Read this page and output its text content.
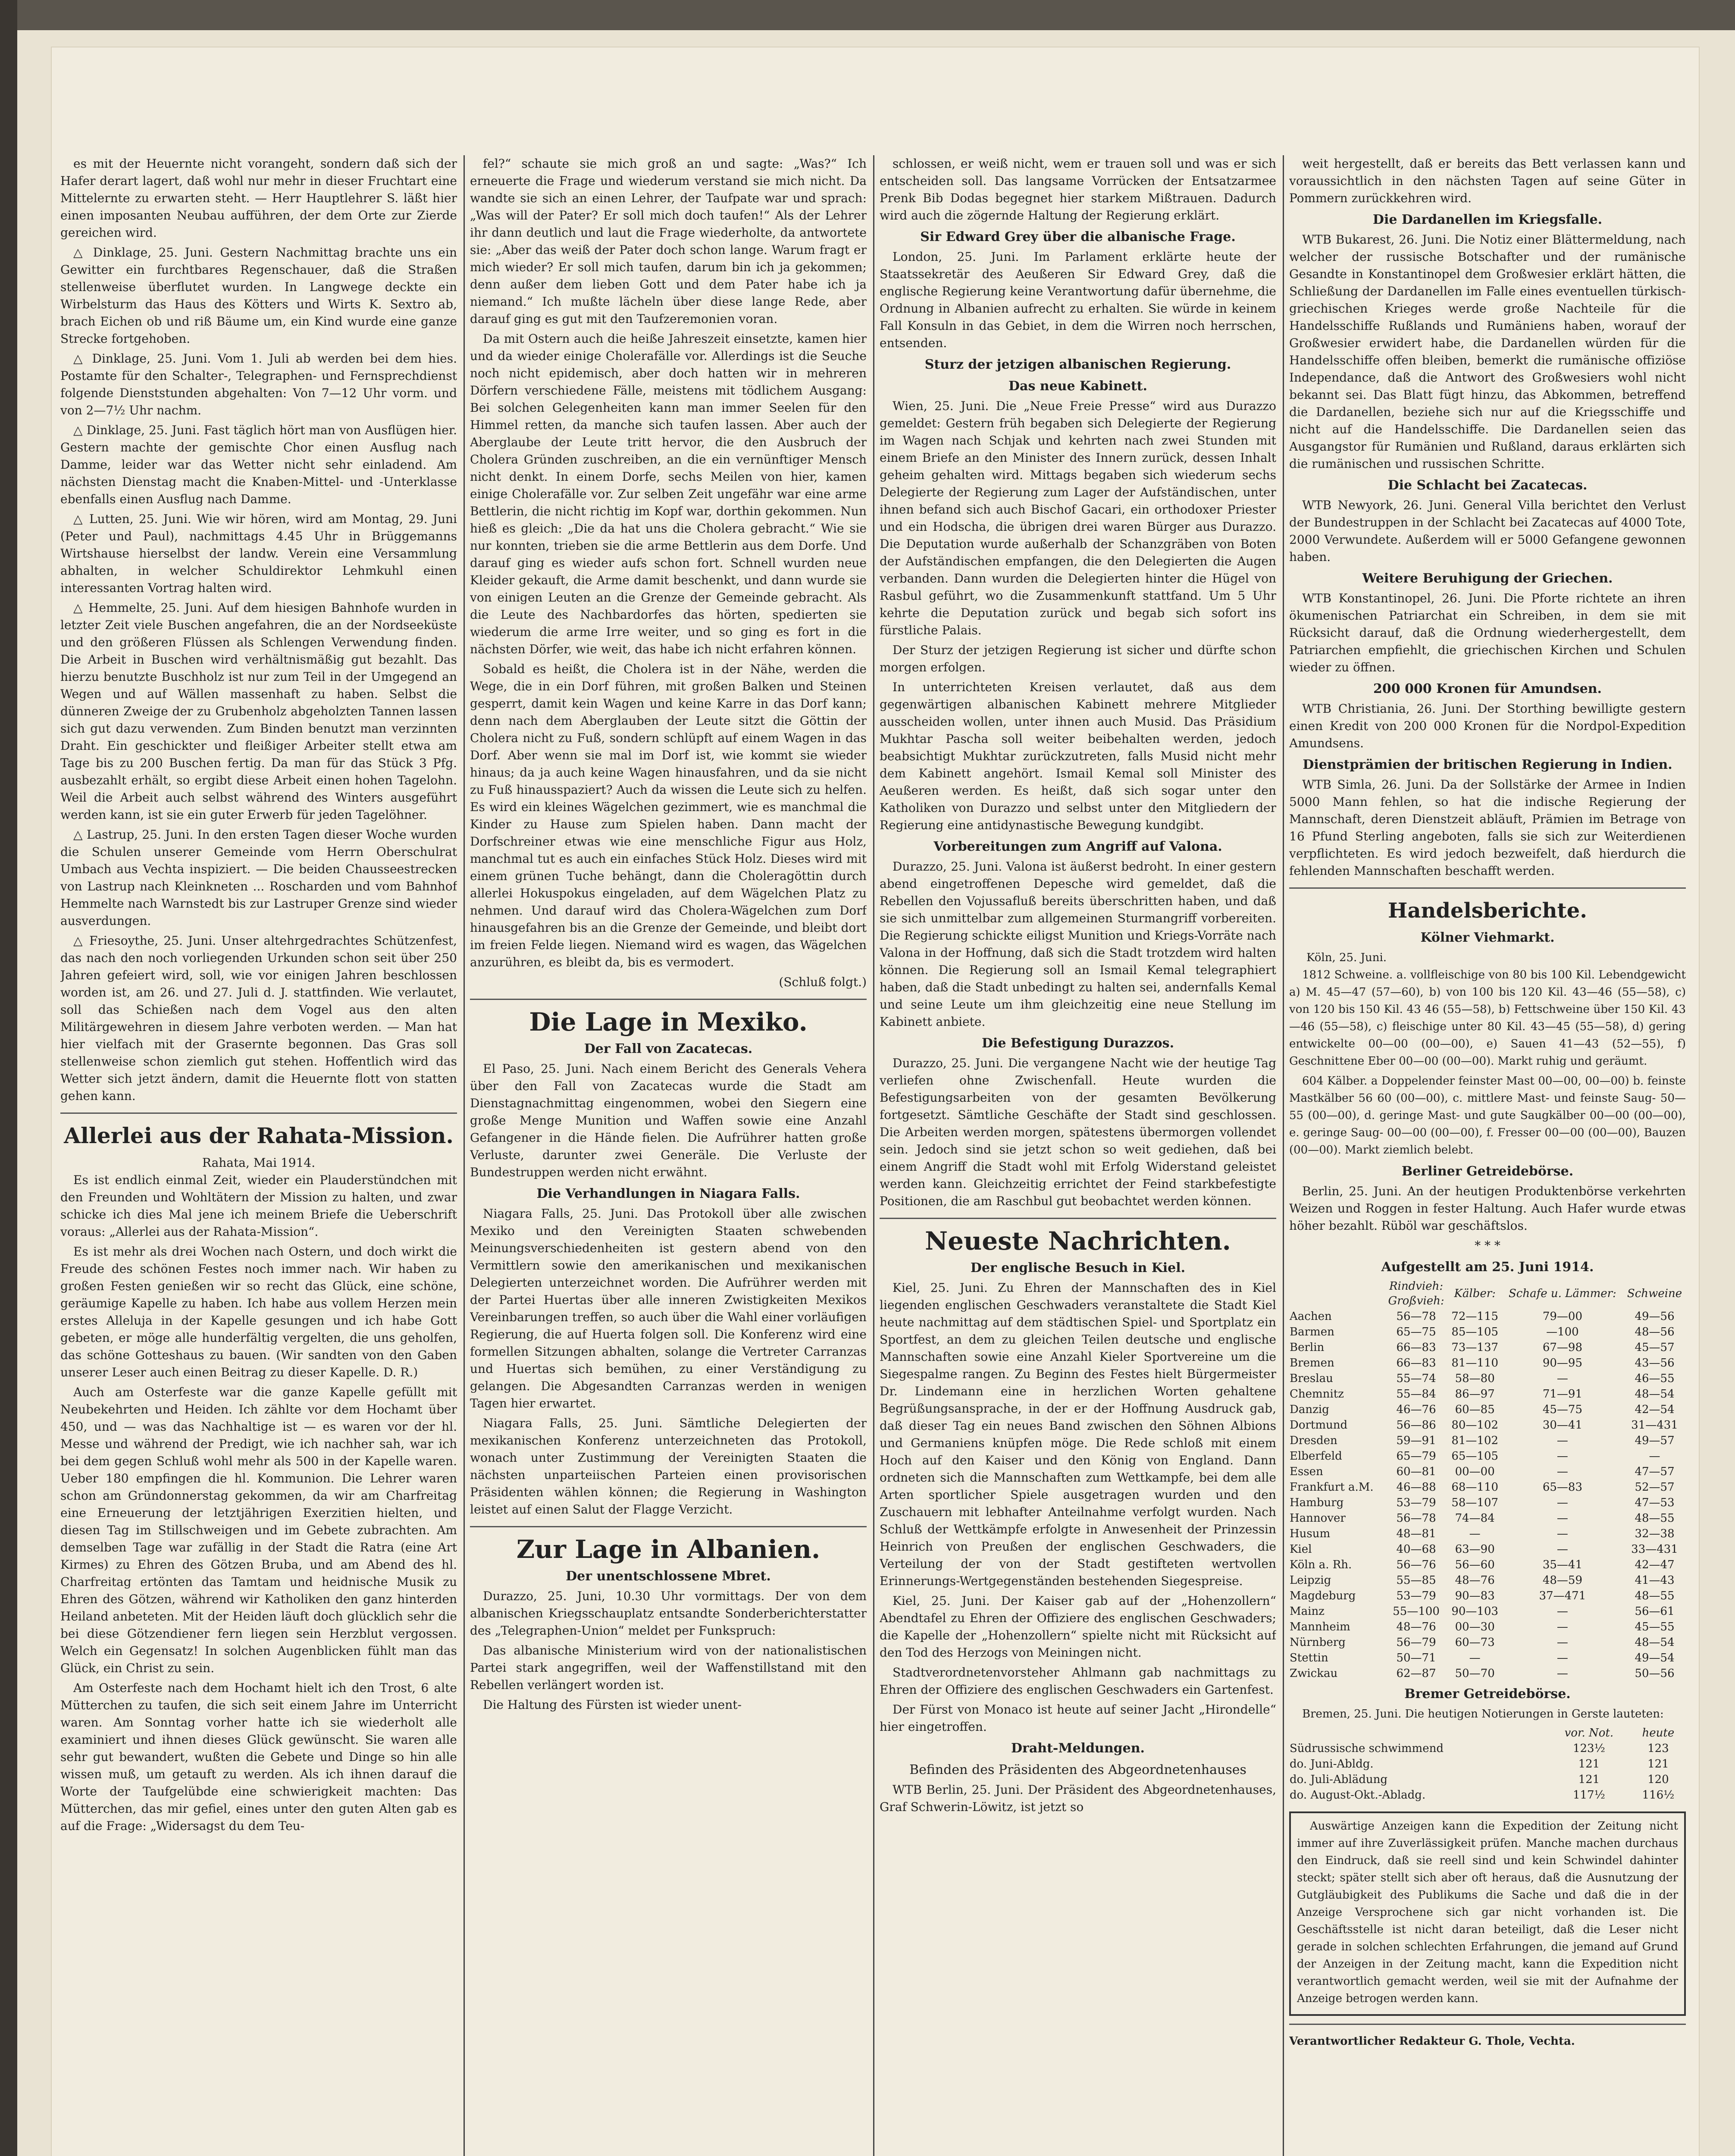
es mit der Heuernte nicht vorangeht, sondern daß sich der Hafer derart lagert, daß wohl nur mehr in dieser Fruchtart eine Mittelernte zu erwarten steht. — Herr Hauptlehrer S. läßt hier einen imposanten Neubau aufführen, der dem Orte zur Zierde gereichen wird.

△ Dinklage, 25. Juni. Gestern Nachmittag brachte uns ein Gewitter ein furchtbares Regenschauer, daß die Straßen stellenweise überflutet wurden. In Langwege deckte ein Wirbelsturm das Haus des Kötters und Wirts K. Sextro ab, brach Eichen ob und riß Bäume um, ein Kind wurde eine ganze Strecke fortgehoben.

△ Dinklage, 25. Juni. Vom 1. Juli ab werden bei dem hies. Postamte für den Schalter-, Telegraphen- und Fernsprechdienst folgende Dienststunden abgehalten: Von 7—12 Uhr vorm. und von 2—7½ Uhr nachm.

△ Dinklage, 25. Juni. Fast täglich hört man von Ausflügen hier. Gestern machte der gemischte Chor einen Ausflug nach Damme, leider war das Wetter nicht sehr einladend. Am nächsten Dienstag macht die Knaben-Mittel- und -Unterklasse ebenfalls einen Ausflug nach Damme.

△ Lutten, 25. Juni. Wie wir hören, wird am Montag, 29. Juni (Peter und Paul), nachmittags 4.45 Uhr in Brüggemanns Wirtshause hierselbst der landw. Verein eine Versammlung abhalten, in welcher Schuldirektor Lehmkuhl einen interessanten Vortrag halten wird.

△ Hemmelte, 25. Juni. Auf dem hiesigen Bahnhofe wurden in letzter Zeit viele Buschen angefahren, die an der Nordseeküste und den größeren Flüssen als Schlengen Verwendung finden. Die Arbeit in Buschen wird verhältnismäßig gut bezahlt. Das hierzu benutzte Buschholz ist nur zum Teil in der Umgegend an Wegen und auf Wällen massenhaft zu haben. Selbst die dünneren Zweige der zu Grubenholz abgeholzten Tannen lassen sich gut dazu verwenden. Zum Binden benutzt man verzinnten Draht. Ein geschickter und fleißiger Arbeiter stellt etwa am Tage bis zu 200 Buschen fertig. Da man für das Stück 3 Pfg. ausbezahlt erhält, so ergibt diese Arbeit einen hohen Tagelohn. Weil die Arbeit auch selbst während des Winters ausgeführt werden kann, ist sie ein guter Erwerb für jeden Tagelöhner.

△ Lastrup, 25. Juni. In den ersten Tagen dieser Woche wurden die Schulen unserer Gemeinde vom Herrn Oberschulrat Umbach aus Vechta inspiziert. — Die beiden Chausseestrecken von Lastrup nach Kleinkneten ... Roscharden und vom Bahnhof Hemmelte nach Warnstedt bis zur Lastruper Grenze sind wieder ausverdungen.

△ Friesoythe, 25. Juni. Unser altehrgedrachtes Schützenfest, das nach den noch vorliegenden Urkunden schon seit über 250 Jahren gefeiert wird, soll, wie vor einigen Jahren beschlossen worden ist, am 26. und 27. Juli d. J. stattfinden. Wie verlautet, soll das Schießen nach dem Vogel aus den alten Militärgewehren in diesem Jahre verboten werden. — Man hat hier vielfach mit der Grasernte begonnen. Das Gras soll stellenweise schon ziemlich gut stehen. Hoffentlich wird das Wetter sich jetzt ändern, damit die Heuernte flott von statten gehen kann.

Allerlei aus der Rahata-Mission.
Rahata, Mai 1914.

Es ist endlich einmal Zeit, wieder ein Plauderstündchen mit den Freunden und Wohltätern der Mission zu halten, und zwar schicke ich dies Mal jene ich meinem Briefe die Ueberschrift voraus: „Allerlei aus der Rahata-Mission“.

Es ist mehr als drei Wochen nach Ostern, und doch wirkt die Freude des schönen Festes noch immer nach. Wir haben zu großen Festen genießen wir so recht das Glück, eine schöne, geräumige Kapelle zu haben. Ich habe aus vollem Herzen mein erstes Alleluja in der Kapelle gesungen und ich habe Gott gebeten, er möge alle hunderfältig vergelten, die uns geholfen, das schöne Gotteshaus zu bauen. (Wir sandten von den Gaben unserer Leser auch einen Beitrag zu dieser Kapelle. D. R.)

Auch am Osterfeste war die ganze Kapelle gefüllt mit Neubekehrten und Heiden. Ich zählte vor dem Hochamt über 450, und — was das Nachhaltige ist — es waren vor der hl. Messe und während der Predigt, wie ich nachher sah, war ich bei dem gegen Schluß wohl mehr als 500 in der Kapelle waren. Ueber 180 empfingen die hl. Kommunion. Die Lehrer waren schon am Gründonnerstag gekommen, da wir am Charfreitag eine Erneuerung der letztjährigen Exerzitien hielten, und diesen Tag im Stillschweigen und im Gebete zubrachten. Am demselben Tage war zufällig in der Stadt die Ratra (eine Art Kirmes) zu Ehren des Götzen Bruba, und am Abend des hl. Charfreitag ertönten das Tamtam und heidnische Musik zu Ehren des Götzen, während wir Katholiken den ganz hinterden Heiland anbeteten. Mit der Heiden läuft doch glücklich sehr die bei diese Götzendiener fern liegen sein Herzblut vergossen. Welch ein Gegensatz! In solchen Augenblicken fühlt man das Glück, ein Christ zu sein.

Am Osterfeste nach dem Hochamt hielt ich den Trost, 6 alte Mütterchen zu taufen, die sich seit einem Jahre im Unterricht waren. Am Sonntag vorher hatte ich sie wiederholt alle examiniert und ihnen dieses Glück gewünscht. Sie waren alle sehr gut bewandert, wußten die Gebete und Dinge so hin alle wissen muß, um getauft zu werden. Als ich ihnen darauf die Worte der Taufgelübde eine schwierigkeit machten: Das Mütterchen, das mir gefiel, eines unter den guten Alten gab es auf die Frage: „Widersagst du dem Teu-

fel?“ schaute sie mich groß an und sagte: „Was?“ Ich erneuerte die Frage und wiederum verstand sie mich nicht. Da wandte sie sich an einen Lehrer, der Taufpate war und sprach: „Was will der Pater? Er soll mich doch taufen!“ Als der Lehrer ihr dann deutlich und laut die Frage wiederholte, da antwortete sie: „Aber das weiß der Pater doch schon lange. Warum fragt er mich wieder? Er soll mich taufen, darum bin ich ja gekommen; denn außer dem lieben Gott und dem Pater habe ich ja niemand.“ Ich mußte lächeln über diese lange Rede, aber darauf ging es gut mit den Taufzeremonien voran.

Da mit Ostern auch die heiße Jahreszeit einsetzte, kamen hier und da wieder einige Cholerafälle vor. Allerdings ist die Seuche noch nicht epidemisch, aber doch hatten wir in mehreren Dörfern verschiedene Fälle, meistens mit tödlichem Ausgang: Bei solchen Gelegenheiten kann man immer Seelen für den Himmel retten, da manche sich taufen lassen. Aber auch der Aberglaube der Leute tritt hervor, die den Ausbruch der Cholera Gründen zuschreiben, an die ein vernünftiger Mensch nicht denkt. In einem Dorfe, sechs Meilen von hier, kamen einige Cholerafälle vor. Zur selben Zeit ungefähr war eine arme Bettlerin, die nicht richtig im Kopf war, dorthin gekommen. Nun hieß es gleich: „Die da hat uns die Cholera gebracht.“ Wie sie nur konnten, trieben sie die arme Bettlerin aus dem Dorfe. Und darauf ging es wieder aufs schon fort. Schnell wurden neue Kleider gekauft, die Arme damit beschenkt, und dann wurde sie von einigen Leuten an die Grenze der Gemeinde gebracht. Als die Leute des Nachbardorfes das hörten, spedierten sie wiederum die arme Irre weiter, und so ging es fort in die nächsten Dörfer, wie weit, das habe ich nicht erfahren können.

Sobald es heißt, die Cholera ist in der Nähe, werden die Wege, die in ein Dorf führen, mit großen Balken und Steinen gesperrt, damit kein Wagen und keine Karre in das Dorf kann; denn nach dem Aberglauben der Leute sitzt die Göttin der Cholera nicht zu Fuß, sondern schlüpft auf einem Wagen in das Dorf. Aber wenn sie mal im Dorf ist, wie kommt sie wieder hinaus; da ja auch keine Wagen hinausfahren, und da sie nicht zu Fuß hinausspaziert? Auch da wissen die Leute sich zu helfen. Es wird ein kleines Wägelchen gezimmert, wie es manchmal die Kinder zu Hause zum Spielen haben. Dann macht der Dorfschreiner etwas wie eine menschliche Figur aus Holz, manchmal tut es auch ein einfaches Stück Holz. Dieses wird mit einem grünen Tuche behängt, dann die Choleragöttin durch allerlei Hokuspokus eingeladen, auf dem Wägelchen Platz zu nehmen. Und darauf wird das Cholera-Wägelchen zum Dorf hinausgefahren bis an die Grenze der Gemeinde, und bleibt dort im freien Felde liegen. Niemand wird es wagen, das Wägelchen anzurühren, es bleibt da, bis es vermodert.

(Schluß folgt.)
Die Lage in Mexiko.
Der Fall von Zacatecas.

El Paso, 25. Juni. Nach einem Bericht des Generals Vehera über den Fall von Zacatecas wurde die Stadt am Dienstagnachmittag eingenommen, wobei den Siegern eine große Menge Munition und Waffen sowie eine Anzahl Gefangener in die Hände fielen. Die Aufrührer hatten große Verluste, darunter zwei Generäle. Die Verluste der Bundestruppen werden nicht erwähnt.

Die Verhandlungen in Niagara Falls.

Niagara Falls, 25. Juni. Das Protokoll über alle zwischen Mexiko und den Vereinigten Staaten schwebenden Meinungsverschiedenheiten ist gestern abend von den Vermittlern sowie den amerikanischen und mexikanischen Delegierten unterzeichnet worden. Die Aufrührer werden mit der Partei Huertas über alle inneren Zwistigkeiten Mexikos Vereinbarungen treffen, so auch über die Wahl einer vorläufigen Regierung, die auf Huerta folgen soll. Die Konferenz wird eine formellen Sitzungen abhalten, solange die Vertreter Carranzas und Huertas sich bemühen, zu einer Verständigung zu gelangen. Die Abgesandten Carranzas werden in wenigen Tagen hier erwartet.

Niagara Falls, 25. Juni. Sämtliche Delegierten der mexikanischen Konferenz unterzeichneten das Protokoll, wonach unter Zustimmung der Vereinigten Staaten die nächsten unparteiischen Parteien einen provisorischen Präsidenten wählen können; die Regierung in Washington leistet auf einen Salut der Flagge Verzicht.

Zur Lage in Albanien.
Der unentschlossene Mbret.

Durazzo, 25. Juni, 10.30 Uhr vormittags. Der von dem albanischen Kriegsschauplatz entsandte Sonderberichterstatter des „Telegraphen-Union“ meldet per Funkspruch:

Das albanische Ministerium wird von der nationalistischen Partei stark angegriffen, weil der Waffenstillstand mit den Rebellen verlängert worden ist.

Die Haltung des Fürsten ist wieder unent-

schlossen, er weiß nicht, wem er trauen soll und was er sich entscheiden soll. Das langsame Vorrücken der Entsatzarmee Prenk Bib Dodas begegnet hier starkem Mißtrauen. Dadurch wird auch die zögernde Haltung der Regierung erklärt.

Sir Edward Grey über die albanische Frage.

London, 25. Juni. Im Parlament erklärte heute der Staatssekretär des Aeußeren Sir Edward Grey, daß die englische Regierung keine Verantwortung dafür übernehme, die Ordnung in Albanien aufrecht zu erhalten. Sie würde in keinem Fall Konsuln in das Gebiet, in dem die Wirren noch herrschen, entsenden.

Sturz der jetzigen albanischen Regierung.
Das neue Kabinett.

Wien, 25. Juni. Die „Neue Freie Presse“ wird aus Durazzo gemeldet: Gestern früh begaben sich Delegierte der Regierung im Wagen nach Schjak und kehrten nach zwei Stunden mit einem Briefe an den Minister des Innern zurück, dessen Inhalt geheim gehalten wird. Mittags begaben sich wiederum sechs Delegierte der Regierung zum Lager der Aufständischen, unter ihnen befand sich auch Bischof Gacari, ein orthodoxer Priester und ein Hodscha, die übrigen drei waren Bürger aus Durazzo. Die Deputation wurde außerhalb der Schanzgräben von Boten der Aufständischen empfangen, die den Delegierten die Augen verbanden. Dann wurden die Delegierten hinter die Hügel von Rasbul geführt, wo die Zusammenkunft stattfand. Um 5 Uhr kehrte die Deputation zurück und begab sich sofort ins fürstliche Palais.

Der Sturz der jetzigen Regierung ist sicher und dürfte schon morgen erfolgen.

In unterrichteten Kreisen verlautet, daß aus dem gegenwärtigen albanischen Kabinett mehrere Mitglieder ausscheiden wollen, unter ihnen auch Musid. Das Präsidium Mukhtar Pascha soll weiter beibehalten werden, jedoch beabsichtigt Mukhtar zurückzutreten, falls Musid nicht mehr dem Kabinett angehört. Ismail Kemal soll Minister des Aeußeren werden. Es heißt, daß sich sogar unter den Katholiken von Durazzo und selbst unter den Mitgliedern der Regierung eine antidynastische Bewegung kundgibt.

Vorbereitungen zum Angriff auf Valona.

Durazzo, 25. Juni. Valona ist äußerst bedroht. In einer gestern abend eingetroffenen Depesche wird gemeldet, daß die Rebellen den Vojussafluß bereits überschritten haben, und daß sie sich unmittelbar zum allgemeinen Sturmangriff vorbereiten. Die Regierung schickte eiligst Munition und Kriegs-Vorräte nach Valona in der Hoffnung, daß sich die Stadt trotzdem wird halten können. Die Regierung soll an Ismail Kemal telegraphiert haben, daß die Stadt unbedingt zu halten sei, andernfalls Kemal und seine Leute um ihm gleichzeitig eine neue Stellung im Kabinett anbiete.

Die Befestigung Durazzos.

Durazzo, 25. Juni. Die vergangene Nacht wie der heutige Tag verliefen ohne Zwischenfall. Heute wurden die Befestigungsarbeiten von der gesamten Bevölkerung fortgesetzt. Sämtliche Geschäfte der Stadt sind geschlossen. Die Arbeiten werden morgen, spätestens übermorgen vollendet sein. Jedoch sind sie jetzt schon so weit gediehen, daß bei einem Angriff die Stadt wohl mit Erfolg Widerstand geleistet werden kann. Gleichzeitig errichtet der Feind starkbefestigte Positionen, die am Raschbul gut beobachtet werden können.

Neueste Nachrichten.
Der englische Besuch in Kiel.

Kiel, 25. Juni. Zu Ehren der Mannschaften des in Kiel liegenden englischen Geschwaders veranstaltete die Stadt Kiel heute nachmittag auf dem städtischen Spiel- und Sportplatz ein Sportfest, an dem zu gleichen Teilen deutsche und englische Mannschaften sowie eine Anzahl Kieler Sportvereine um die Siegespalme rangen. Zu Beginn des Festes hielt Bürgermeister Dr. Lindemann eine in herzlichen Worten gehaltene Begrüßungsansprache, in der er der Hoffnung Ausdruck gab, daß dieser Tag ein neues Band zwischen den Söhnen Albions und Germaniens knüpfen möge. Die Rede schloß mit einem Hoch auf den Kaiser und den König von England. Dann ordneten sich die Mannschaften zum Wettkampfe, bei dem alle Arten sportlicher Spiele ausgetragen wurden und den Zuschauern mit lebhafter Anteilnahme verfolgt wurden. Nach Schluß der Wettkämpfe erfolgte in Anwesenheit der Prinzessin Heinrich von Preußen der englischen Geschwaders, die Verteilung der von der Stadt gestifteten wertvollen Erinnerungs-Wertgegenständen bestehenden Siegespreise.

Kiel, 25. Juni. Der Kaiser gab auf der „Hohenzollern“ Abendtafel zu Ehren der Offiziere des englischen Geschwaders; die Kapelle der „Hohenzollern“ spielte nicht mit Rücksicht auf den Tod des Herzogs von Meiningen nicht.

Stadtverordnetenvorsteher Ahlmann gab nachmittags zu Ehren der Offiziere des englischen Geschwaders ein Gartenfest.

Der Fürst von Monaco ist heute auf seiner Jacht „Hirondelle“ hier eingetroffen.

Draht-Meldungen.
Befinden des Präsidenten des Abgeordnetenhauses

WTB Berlin, 25. Juni. Der Präsident des Abgeordnetenhauses, Graf Schwerin-Löwitz, ist jetzt so

weit hergestellt, daß er bereits das Bett verlassen kann und voraussichtlich in den nächsten Tagen auf seine Güter in Pommern zurückkehren wird.

Die Dardanellen im Kriegsfalle.

WTB Bukarest, 26. Juni. Die Notiz einer Blättermeldung, nach welcher der russische Botschafter und der rumänische Gesandte in Konstantinopel dem Großwesier erklärt hätten, die Schließung der Dardanellen im Falle eines eventuellen türkisch-griechischen Krieges werde große Nachteile für die Handelsschiffe Rußlands und Rumäniens haben, worauf der Großwesier erwidert habe, die Dardanellen würden für die Handelsschiffe offen bleiben, bemerkt die rumänische offiziöse Independance, daß die Antwort des Großwesiers wohl nicht bekannt sei. Das Blatt fügt hinzu, das Abkommen, betreffend die Dardanellen, beziehe sich nur auf die Kriegsschiffe und nicht auf die Handelsschiffe. Die Dardanellen seien das Ausgangstor für Rumänien und Rußland, daraus erklärten sich die rumänischen und russischen Schritte.

Die Schlacht bei Zacatecas.

WTB Newyork, 26. Juni. General Villa berichtet den Verlust der Bundestruppen in der Schlacht bei Zacatecas auf 4000 Tote, 2000 Verwundete. Außerdem will er 5000 Gefangene gewonnen haben.

Weitere Beruhigung der Griechen.

WTB Konstantinopel, 26. Juni. Die Pforte richtete an ihren ökumenischen Patriarchat ein Schreiben, in dem sie mit Rücksicht darauf, daß die Ordnung wiederhergestellt, dem Patriarchen empfiehlt, die griechischen Kirchen und Schulen wieder zu öffnen.

200 000 Kronen für Amundsen.

WTB Christiania, 26. Juni. Der Storthing bewilligte gestern einen Kredit von 200 000 Kronen für die Nordpol-Expedition Amundsens.

Dienstprämien der britischen Regierung in Indien.

WTB Simla, 26. Juni. Da der Sollstärke der Armee in Indien 5000 Mann fehlen, so hat die indische Regierung der Mannschaft, deren Dienstzeit abläuft, Prämien im Betrage von 16 Pfund Sterling angeboten, falls sie sich zur Weiterdienen verpflichteten. Es wird jedoch bezweifelt, daß hierdurch die fehlenden Mannschaften beschafft werden.

Handelsberichte.
Kölner Viehmarkt.
Köln, 25. Juni.

1812 Schweine. a. vollfleischige von 80 bis 100 Kil. Lebendgewicht a) M. 45—47 (57—60), b) von 100 bis 120 Kil. 43—46 (55—58), c) von 120 bis 150 Kil. 43 46 (55—58), b) Fettschweine über 150 Kil. 43—46 (55—58), c) fleischige unter 80 Kil. 43—45 (55—58), d) gering entwickelte 00—00 (00—00), e) Sauen 41—43 (52—55), f) Geschnittene Eber 00—00 (00—00). Markt ruhig und geräumt.

604 Kälber. a Doppelender feinster Mast 00—00, 00—00) b. feinste Mastkälber 56 60 (00—00), c. mittlere Mast- und feinste Saug- 50—55 (00—00), d. geringe Mast- und gute Saugkälber 00—00 (00—00), e. geringe Saug- 00—00 (00—00), f. Fresser 00—00 (00—00), Bauzen (00—00). Markt ziemlich belebt.

Berliner Getreidebörse.

Berlin, 25. Juni. An der heutigen Produktenbörse verkehrten Weizen und Roggen in fester Haltung. Auch Hafer wurde etwas höher bezahlt. Rüböl war geschäftslos.

* * *
Aufgestellt am 25. Juni 1914.

	Rindvieh:
Großvieh:	Kälber:	Schafe u. Lämmer:	Schweine
Aachen	56—78	72—115	79—00	49—56
Barmen	65—75	85—105	—100	48—56
Berlin	66—83	73—137	67—98	45—57
Bremen	66—83	81—110	90—95	43—56
Breslau	55—74	58—80	—	46—55
Chemnitz	55—84	86—97	71—91	48—54
Danzig	46—76	60—85	45—75	42—54
Dortmund	56—86	80—102	30—41	31—431
Dresden	59—91	81—102	—	49—57
Elberfeld	65—79	65—105	—	—
Essen	60—81	00—00	—	47—57
Frankfurt a.M.	46—88	68—110	65—83	52—57
Hamburg	53—79	58—107	—	47—53
Hannover	56—78	74—84	—	48—55
Husum	48—81	—	—	32—38
Kiel	40—68	63—90	—	33—431
Köln a. Rh.	56—76	56—60	35—41	42—47
Leipzig	55—85	48—76	48—59	41—43
Magdeburg	53—79	90—83	37—471	48—55
Mainz	55—100	90—103	—	56—61
Mannheim	48—76	00—30	—	45—55
Nürnberg	56—79	60—73	—	48—54
Stettin	50—71	—	—	49—54
Zwickau	62—87	50—70	—	50—56
Bremer Getreidebörse.

Bremen, 25. Juni. Die heutigen Notierungen in Gerste lauteten:

	vor. Not.	heute
Südrussische schwimmend	123½	123
do. Juni-Abldg.	121	121
do. Juli-Ablädung	121	120
do. August-Okt.-Abladg.	117½	116½

Auswärtige Anzeigen kann die Expedition der Zeitung nicht immer auf ihre Zuverlässigkeit prüfen. Manche machen durchaus den Eindruck, daß sie reell sind und kein Schwindel dahinter steckt; später stellt sich aber oft heraus, daß die Ausnutzung der Gutgläubigkeit des Publikums die Sache und daß die in der Anzeige Versprochene sich gar nicht vorhanden ist. Die Geschäftsstelle ist nicht daran beteiligt, daß die Leser nicht gerade in solchen schlechten Erfahrungen, die jemand auf Grund der Anzeigen in der Zeitung macht, kann die Expedition nicht verantwortlich gemacht werden, weil sie mit der Aufnahme der Anzeige betrogen werden kann.

Verantwortlicher Redakteur G. Thole, Vechta.
